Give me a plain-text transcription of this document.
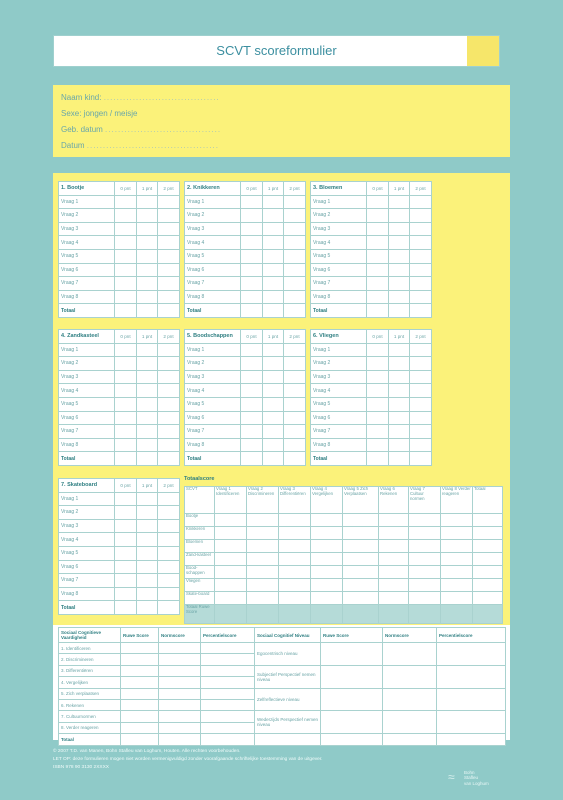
SCVT scoreformulier
Naam kind: ....................................
Sexe: jongen / meisje
Geb. datum ....................................
Datum .........................................
1. Bootje	0 pnt	1 pnt	2 pnt
Vraag 1			
Vraag 2			
Vraag 3			
Vraag 4			
Vraag 5			
Vraag 6			
Vraag 7			
Vraag 8			
Totaal			
2. Knikkeren	0 pnt	1 pnt	2 pnt
Vraag 1			
Vraag 2			
Vraag 3			
Vraag 4			
Vraag 5			
Vraag 6			
Vraag 7			
Vraag 8			
Totaal			
3. Bloemen	0 pnt	1 pnt	2 pnt
Vraag 1			
Vraag 2			
Vraag 3			
Vraag 4			
Vraag 5			
Vraag 6			
Vraag 7			
Vraag 8			
Totaal			
4. Zandkasteel	0 pnt	1 pnt	2 pnt
Vraag 1			
Vraag 2			
Vraag 3			
Vraag 4			
Vraag 5			
Vraag 6			
Vraag 7			
Vraag 8			
Totaal			
5. Boodschappen	0 pnt	1 pnt	2 pnt
Vraag 1			
Vraag 2			
Vraag 3			
Vraag 4			
Vraag 5			
Vraag 6			
Vraag 7			
Vraag 8			
Totaal			
6. Vliegen	0 pnt	1 pnt	2 pnt
Vraag 1			
Vraag 2			
Vraag 3			
Vraag 4			
Vraag 5			
Vraag 6			
Vraag 7			
Vraag 8			
Totaal			
7. Skateboard	0 pnt	1 pnt	2 pnt
Vraag 1			
Vraag 2			
Vraag 3			
Vraag 4			
Vraag 5			
Vraag 6			
Vraag 7			
Vraag 8			
Totaal			
Totaalscore
SCVT	Vraag 1 Identificeren	Vraag 2 Discrimineren	Vraag 3 Differentiëren	Vraag 4 Vergelijken	Vraag 5 Zich Verplaatsen	Vraag 6 Rekenen	Vraag 7 Cultuur normen	Vraag 8 Verder reageren	Totaal
Bootje									
Knikkeren									
Bloemen									
Zand-kasteel									
Bood-schappen									
Vliegen									
Skate-board									
Totaal Ruwe Score									
Sociaal Cognitieve Vaardigheid	Ruwe Score	Normscore	Percentielscore	Sociaal Cognitief Niveau	Ruwe Score	Normscore	Percentielscore
1. Identificeren				Egocentrisch niveau			
2. Discrimineren							
3. Differentiëren				Subjectief Perspectief nemen niveau			
4. Vergelijken							
5. Zich verplaatsen				Zelfreflectieve niveau			
6. Rekenen							
7. Cultuurnormen				Wederzijds Perspectief nemen niveau			
8. Verder reageren							
Totaal							
© 2007 T.D. van Manen, Bohn Stafleu van Loghum, Houten. Alle rechten voorbehouden.
LET OP: deze formulieren mogen niet worden vermenigvuldigd zonder voorafgaande schriftelijke toestemming van de uitgever.
ISBN 978 90 3130 2XXXX
≈ Bohn
Stafleu
van Loghum
